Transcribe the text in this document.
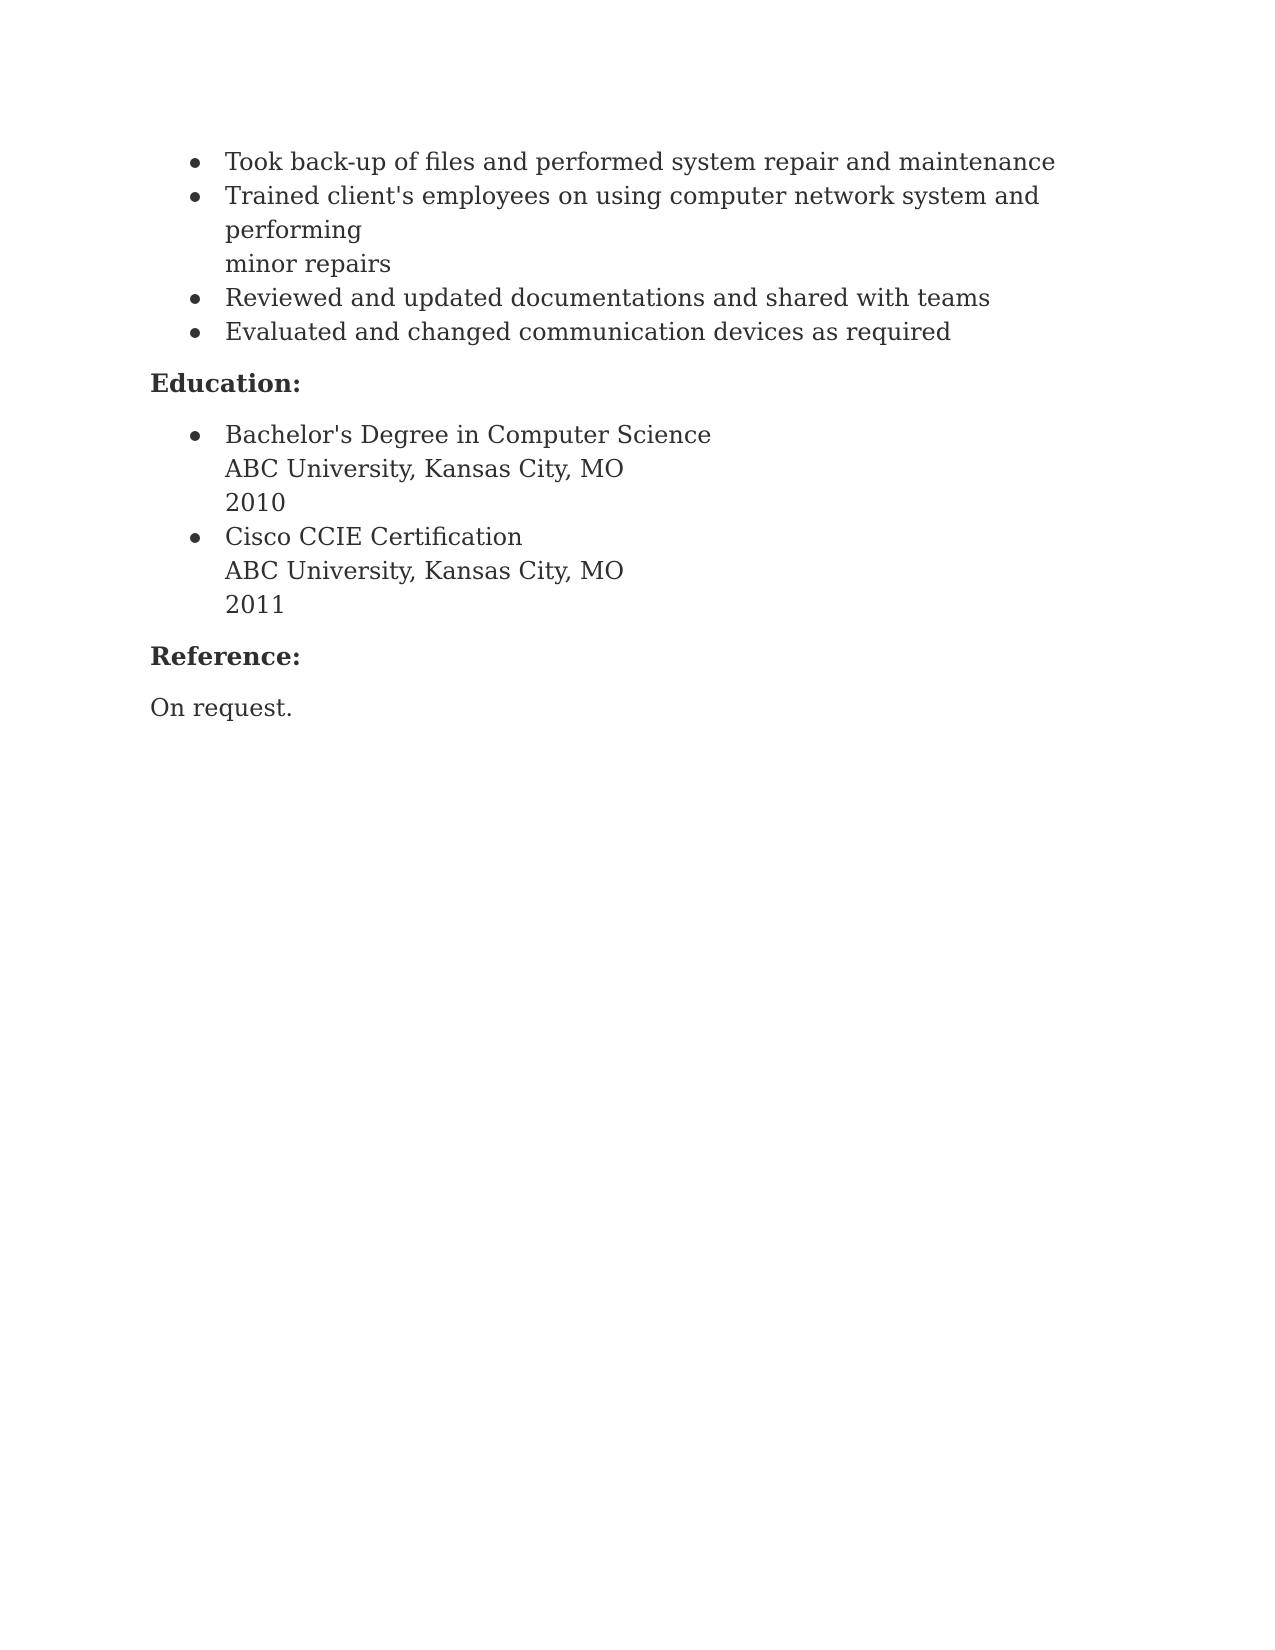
Took back-up of files and performed system repair and maintenance
Trained client's employees on using computer network system and performing
minor repairs
Reviewed and updated documentations and shared with teams
Evaluated and changed communication devices as required
Education:
Bachelor's Degree in Computer Science
ABC University, Kansas City, MO
2010
Cisco CCIE Certification
ABC University, Kansas City, MO
2011
Reference:

On request.
